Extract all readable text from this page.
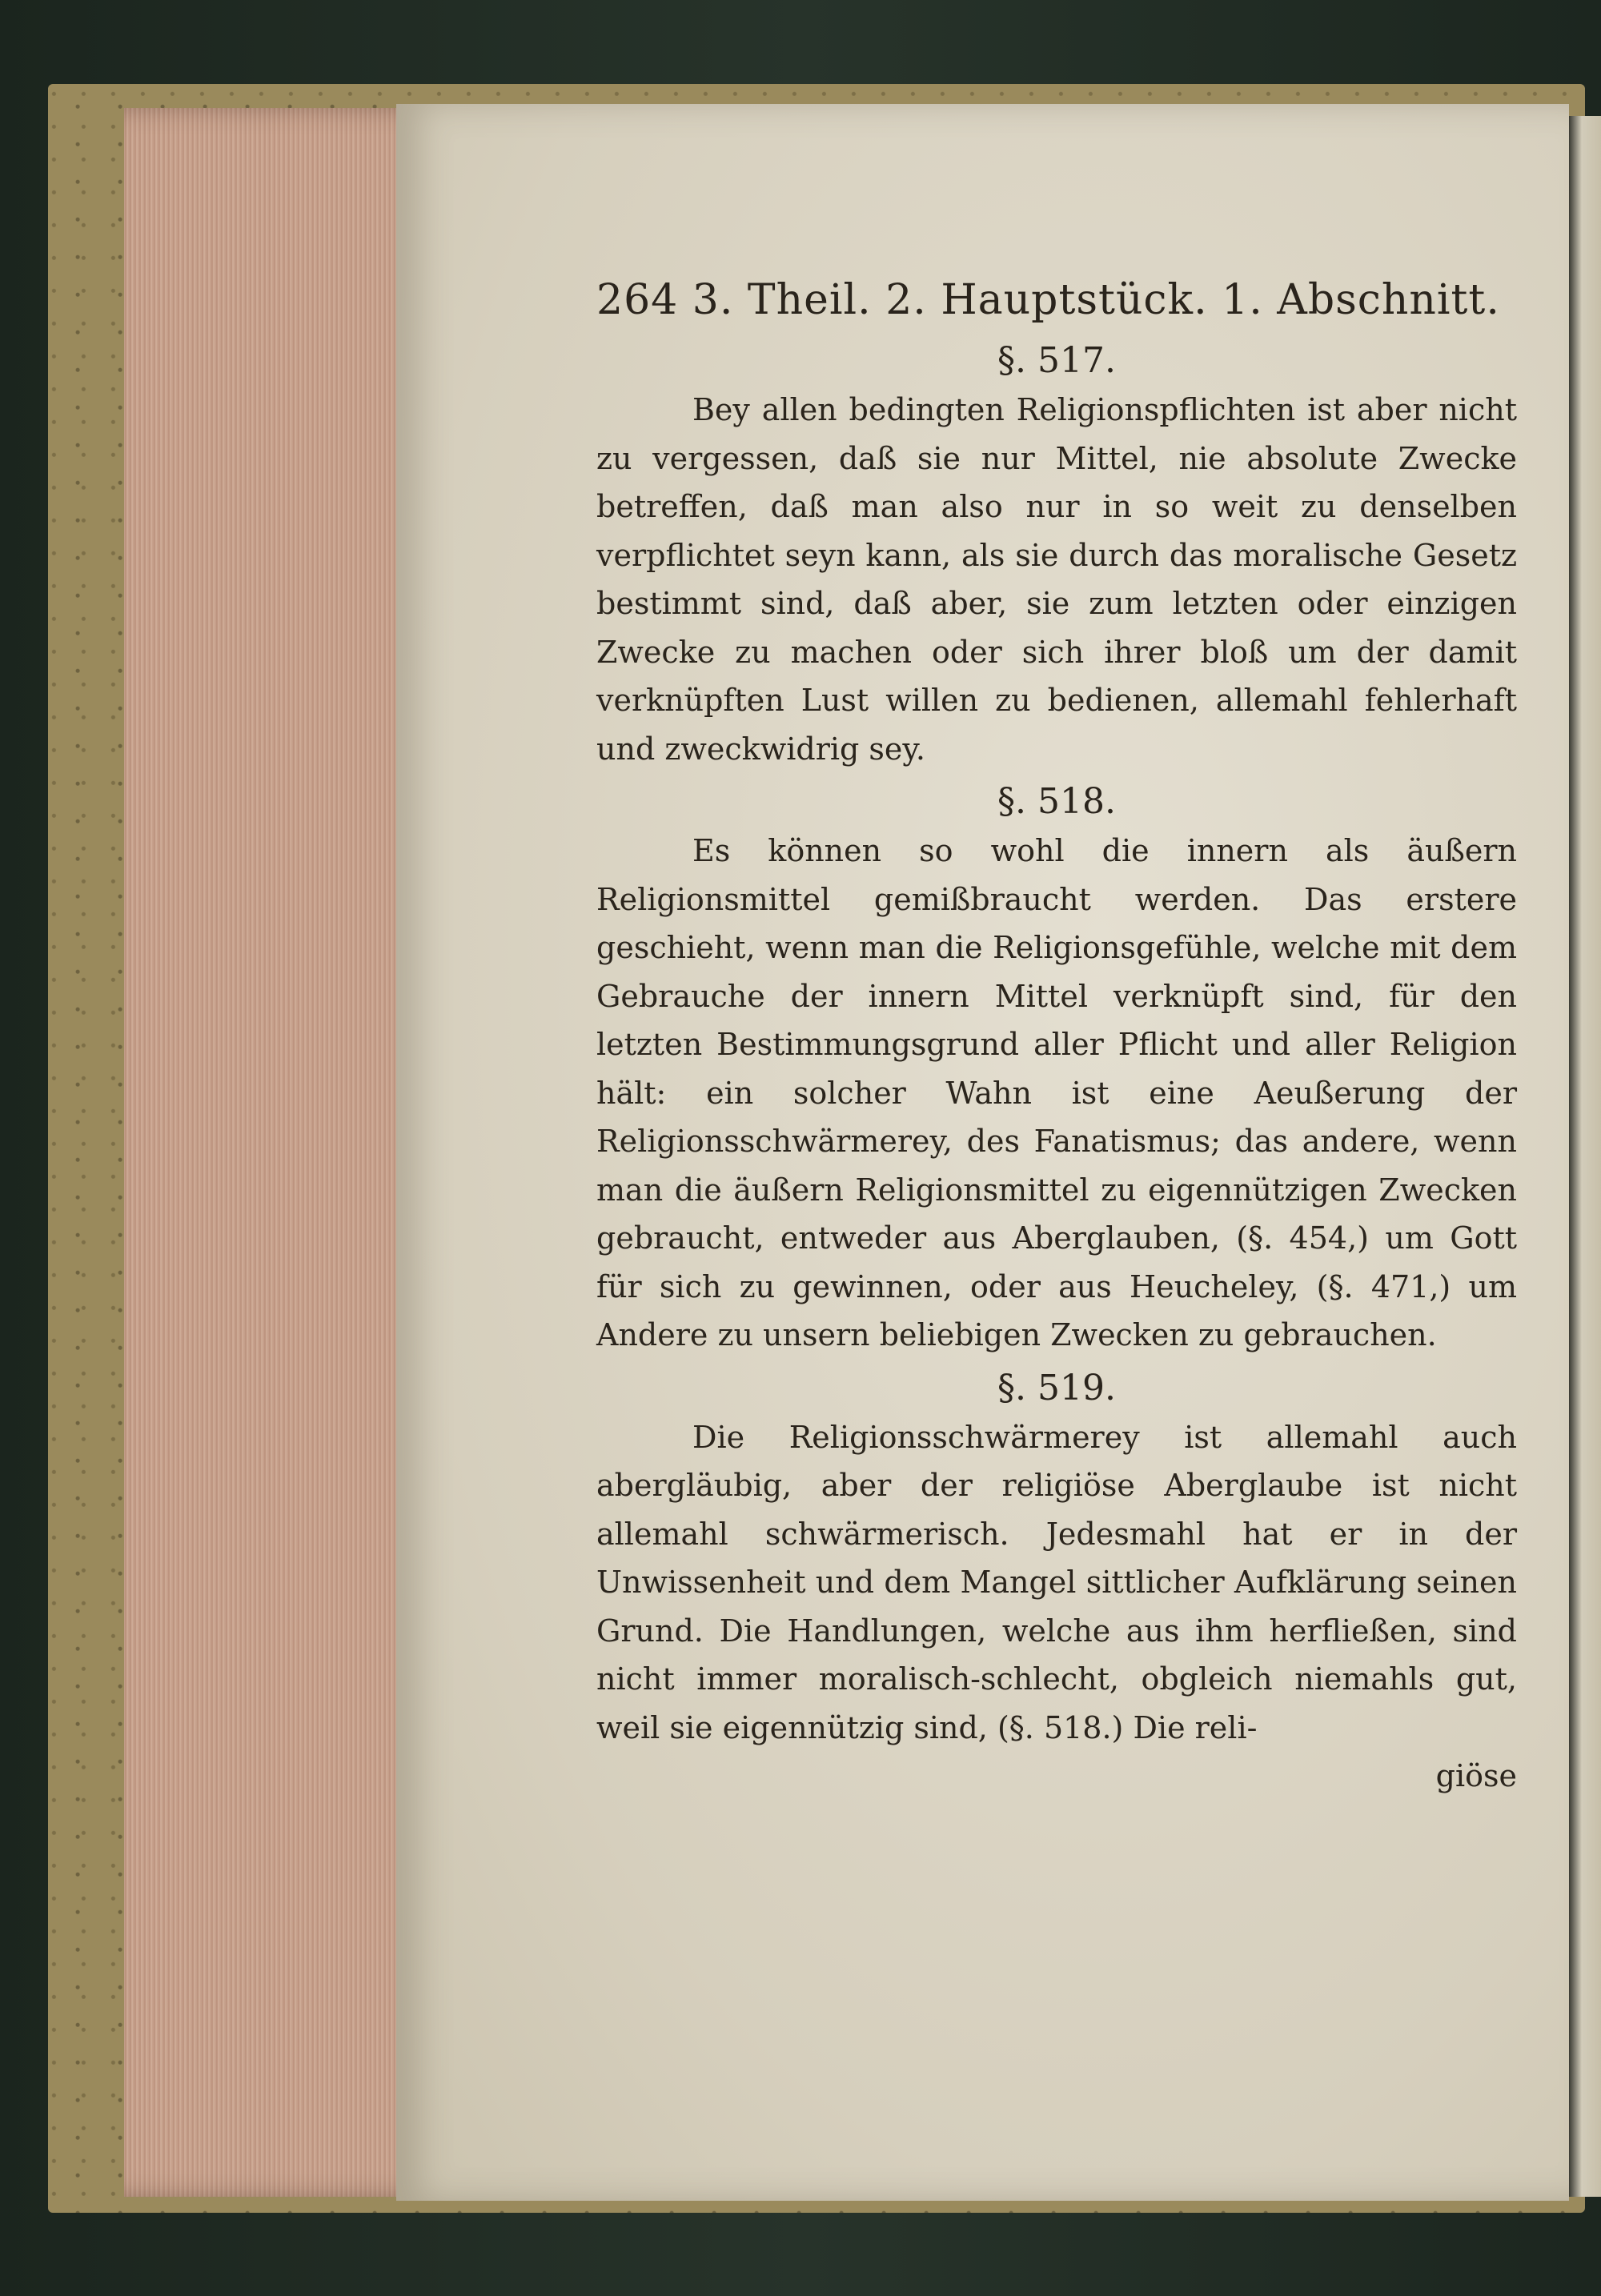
264 3. Theil. 2. Hauptstück. 1. Abschnitt.
§. 517.

Bey allen bedingten Religionspflichten ist aber nicht zu vergessen, daß sie nur Mittel, nie absolute Zwecke betreffen, daß man also nur in so weit zu denselben verpflichtet seyn kann, als sie durch das moralische Gesetz bestimmt sind, daß aber, sie zum letzten oder einzigen Zwecke zu machen oder sich ihrer bloß um der damit verknüpften Lust willen zu bedienen, allemahl fehlerhaft und zweckwidrig sey.

§. 518.

Es können so wohl die innern als äußern Religionsmittel gemißbraucht werden. Das erstere geschieht, wenn man die Religionsgefühle, welche mit dem Gebrauche der innern Mittel verknüpft sind, für den letzten Bestimmungsgrund aller Pflicht und aller Religion hält: ein solcher Wahn ist eine Aeußerung der Religionsschwärmerey, des Fanatismus; das andere, wenn man die äußern Religionsmittel zu eigennützigen Zwecken gebraucht, entweder aus Aberglauben, (§. 454,) um Gott für sich zu gewinnen, oder aus Heucheley, (§. 471,) um Andere zu unsern beliebigen Zwecken zu gebrauchen.

§. 519.

Die Religionsschwärmerey ist allemahl auch abergläubig, aber der religiöse Aberglaube ist nicht allemahl schwärmerisch. Jedesmahl hat er in der Unwissenheit und dem Mangel sittlicher Aufklärung seinen Grund. Die Handlungen, welche aus ihm herfließen, sind nicht immer moralisch-schlecht, obgleich niemahls gut, weil sie eigennützig sind, (§. 518.) Die reli-

giöse
